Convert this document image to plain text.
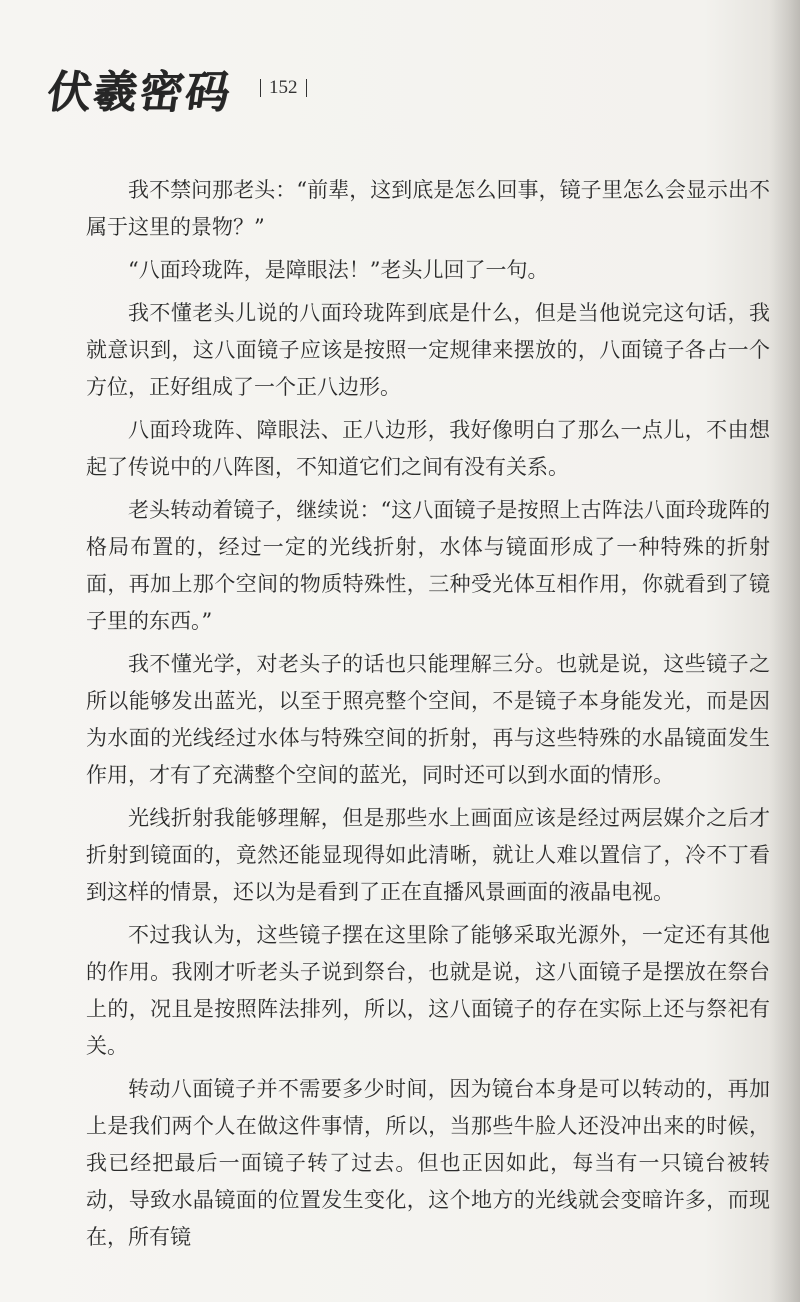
伏羲密码 152

我不禁问那老头：“前辈，这到底是怎么回事，镜子里怎么会显示出不属于这里的景物？”

“八面玲珑阵，是障眼法！”老头儿回了一句。

我不懂老头儿说的八面玲珑阵到底是什么，但是当他说完这句话，我就意识到，这八面镜子应该是按照一定规律来摆放的，八面镜子各占一个方位，正好组成了一个正八边形。

八面玲珑阵、障眼法、正八边形，我好像明白了那么一点儿，不由想起了传说中的八阵图，不知道它们之间有没有关系。

老头转动着镜子，继续说：“这八面镜子是按照上古阵法八面玲珑阵的格局布置的，经过一定的光线折射，水体与镜面形成了一种特殊的折射面，再加上那个空间的物质特殊性，三种受光体互相作用，你就看到了镜子里的东西。”

我不懂光学，对老头子的话也只能理解三分。也就是说，这些镜子之所以能够发出蓝光，以至于照亮整个空间，不是镜子本身能发光，而是因为水面的光线经过水体与特殊空间的折射，再与这些特殊的水晶镜面发生作用，才有了充满整个空间的蓝光，同时还可以到水面的情形。

光线折射我能够理解，但是那些水上画面应该是经过两层媒介之后才折射到镜面的，竟然还能显现得如此清晰，就让人难以置信了，冷不丁看到这样的情景，还以为是看到了正在直播风景画面的液晶电视。

不过我认为，这些镜子摆在这里除了能够采取光源外，一定还有其他的作用。我刚才听老头子说到祭台，也就是说，这八面镜子是摆放在祭台上的，况且是按照阵法排列，所以，这八面镜子的存在实际上还与祭祀有关。

转动八面镜子并不需要多少时间，因为镜台本身是可以转动的，再加上是我们两个人在做这件事情，所以，当那些牛脸人还没冲出来的时候，我已经把最后一面镜子转了过去。但也正因如此，每当有一只镜台被转动，导致水晶镜面的位置发生变化，这个地方的光线就会变暗许多，而现在，所有镜
